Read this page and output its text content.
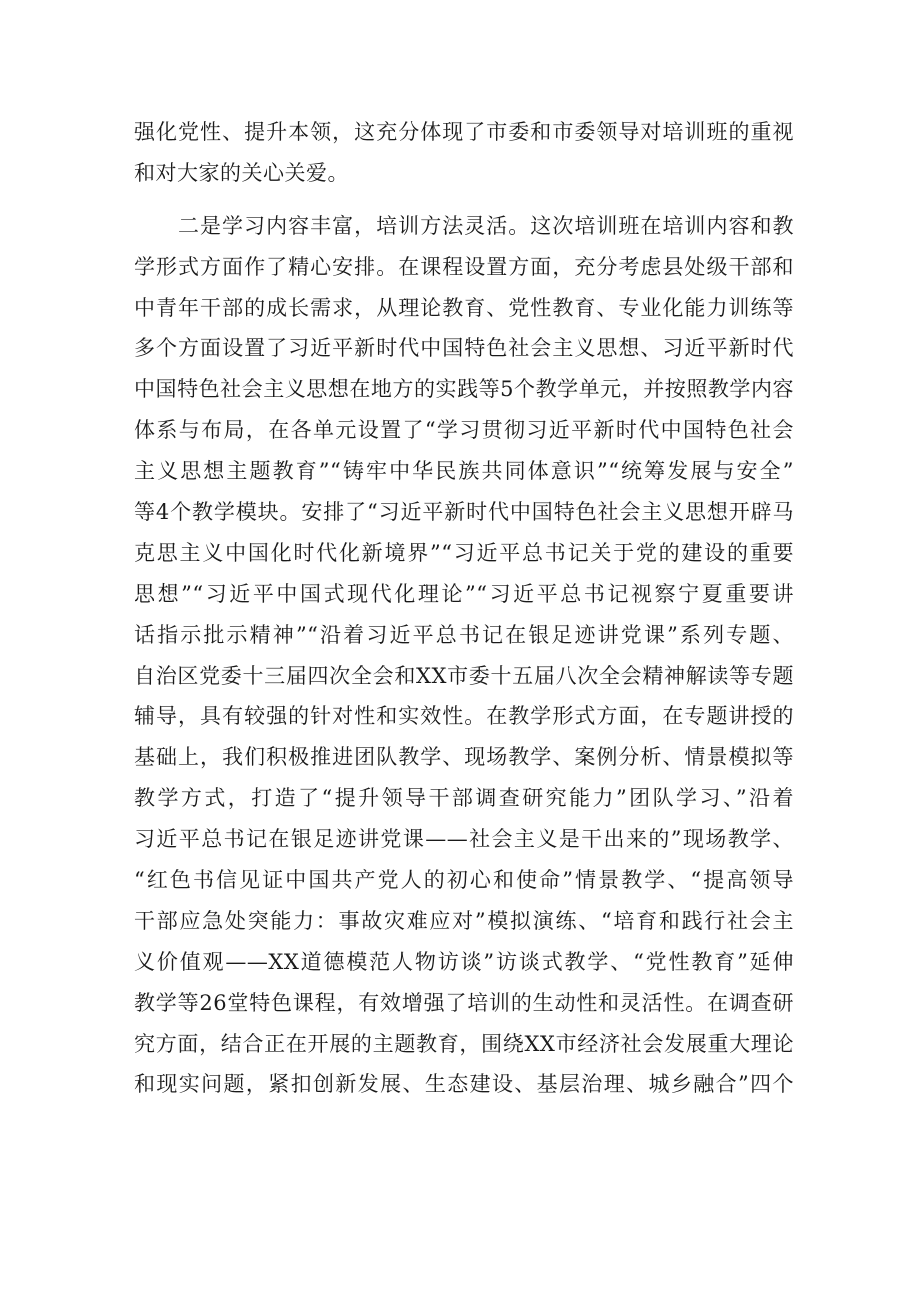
强化党性、提升本领，这充分体现了市委和市委领导对培训班的重视
和对大家的关心关爱。
二是学习内容丰富，培训方法灵活。这次培训班在培训内容和教
学形式方面作了精心安排。在课程设置方面，充分考虑县处级干部和
中青年干部的成长需求，从理论教育、党性教育、专业化能力训练等
多个方面设置了习近平新时代中国特色社会主义思想、习近平新时代
中国特色社会主义思想在地方的实践等5个教学单元，并按照教学内容
体系与布局，在各单元设置了“学习贯彻习近平新时代中国特色社会
主义思想主题教育”“铸牢中华民族共同体意识”“统筹发展与安全”
等4个教学模块。安排了“习近平新时代中国特色社会主义思想开辟马
克思主义中国化时代化新境界”“习近平总书记关于党的建设的重要
思想”“习近平中国式现代化理论”“习近平总书记视察宁夏重要讲
话指示批示精神”“沿着习近平总书记在银足迹讲党课”系列专题、
自治区党委十三届四次全会和XX市委十五届八次全会精神解读等专题
辅导，具有较强的针对性和实效性。在教学形式方面，在专题讲授的
基础上，我们积极推进团队教学、现场教学、案例分析、情景模拟等
教学方式，打造了“提升领导干部调查研究能力”团队学习、”沿着
习近平总书记在银足迹讲党课——社会主义是干出来的”现场教学、
“红色书信见证中国共产党人的初心和使命”情景教学、“提高领导
干部应急处突能力：事故灾难应对”模拟演练、“培育和践行社会主
义价值观——XX道德模范人物访谈”访谈式教学、“党性教育”延伸
教学等26堂特色课程，有效增强了培训的生动性和灵活性。在调查研
究方面，结合正在开展的主题教育，围绕XX市经济社会发展重大理论
和现实问题，紧扣创新发展、生态建设、基层治理、城乡融合”四个
